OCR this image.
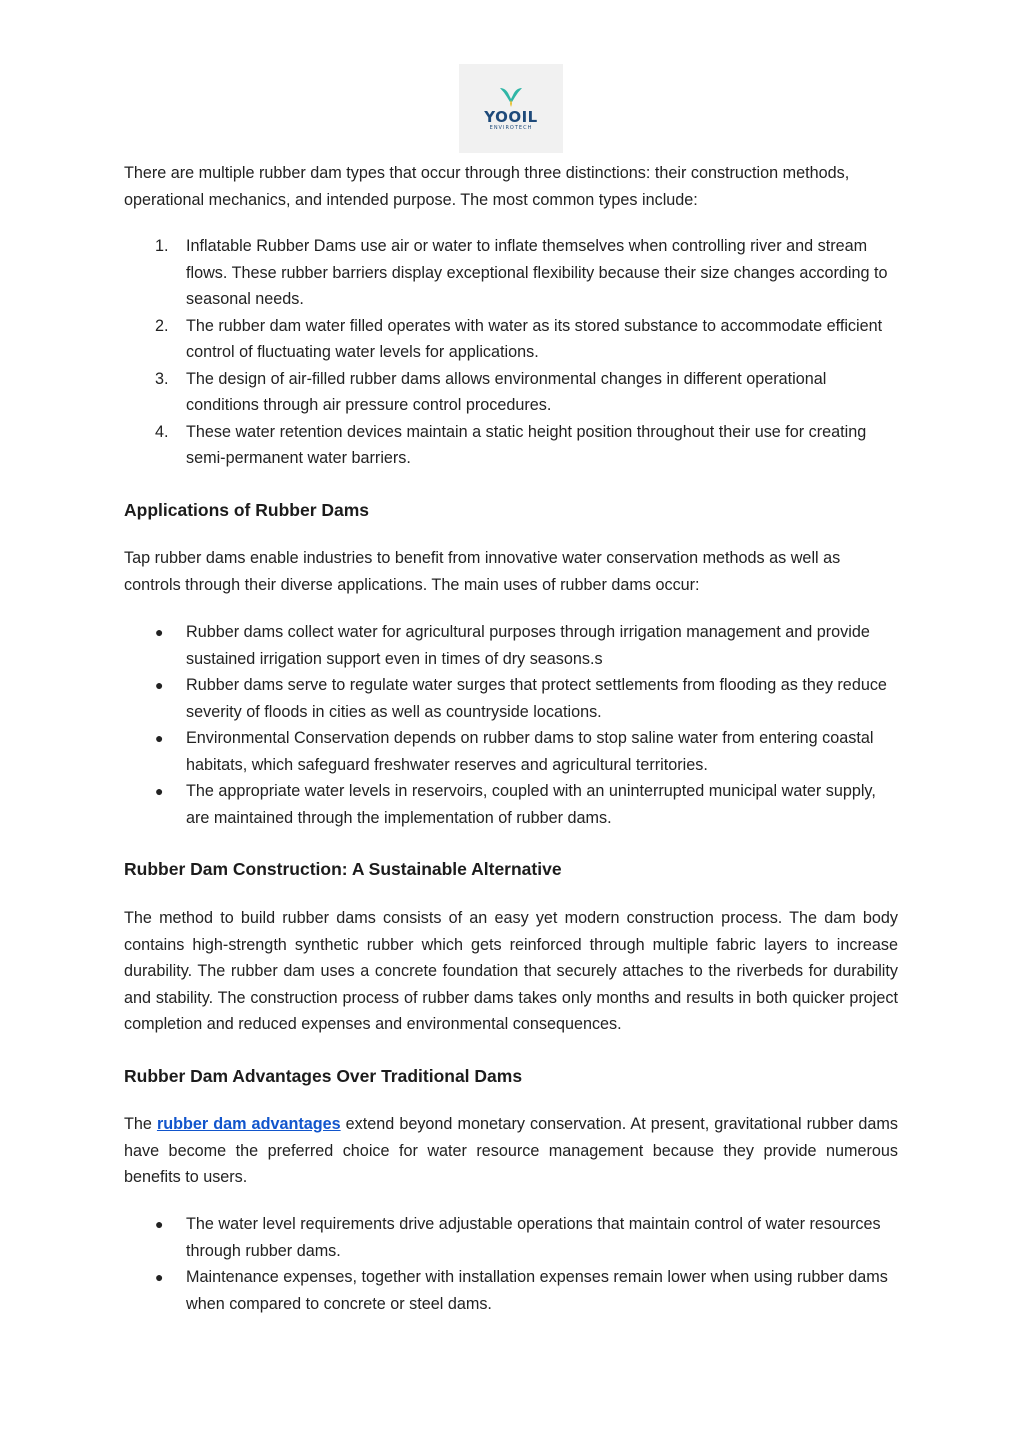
YOOIL
ENVIROTECH

There are multiple rubber dam types that occur through three distinctions: their construction methods, operational mechanics, and intended purpose. The most common types include:

1.	Inflatable Rubber Dams use air or water to inflate themselves when controlling river and stream flows. These rubber barriers display exceptional flexibility because their size changes according to seasonal needs.
2.	The rubber dam water filled operates with water as its stored substance to accommodate efficient control of fluctuating water levels for applications.
3.	The design of air-filled rubber dams allows environmental changes in different operational conditions through air pressure control procedures.
4.	These water retention devices maintain a static height position throughout their use for creating semi-permanent water barriers.
Applications of Rubber Dams

Tap rubber dams enable industries to benefit from innovative water conservation methods as well as controls through their diverse applications. The main uses of rubber dams occur:

●	Rubber dams collect water for agricultural purposes through irrigation management and provide sustained irrigation support even in times of dry seasons.s
●	Rubber dams serve to regulate water surges that protect settlements from flooding as they reduce severity of floods in cities as well as countryside locations.
●	Environmental Conservation depends on rubber dams to stop saline water from entering coastal habitats, which safeguard freshwater reserves and agricultural territories.
●	The appropriate water levels in reservoirs, coupled with an uninterrupted municipal water supply, are maintained through the implementation of rubber dams.
Rubber Dam Construction: A Sustainable Alternative

The method to build rubber dams consists of an easy yet modern construction process. The dam body contains high-strength synthetic rubber which gets reinforced through multiple fabric layers to increase durability. The rubber dam uses a concrete foundation that securely attaches to the riverbeds for durability and stability. The construction process of rubber dams takes only months and results in both quicker project completion and reduced expenses and environmental consequences.

Rubber Dam Advantages Over Traditional Dams

The rubber dam advantages extend beyond monetary conservation. At present, gravitational rubber dams have become the preferred choice for water resource management because they provide numerous benefits to users.

●	The water level requirements drive adjustable operations that maintain control of water resources through rubber dams.
●	Maintenance expenses, together with installation expenses remain lower when using rubber dams when compared to concrete or steel dams.
